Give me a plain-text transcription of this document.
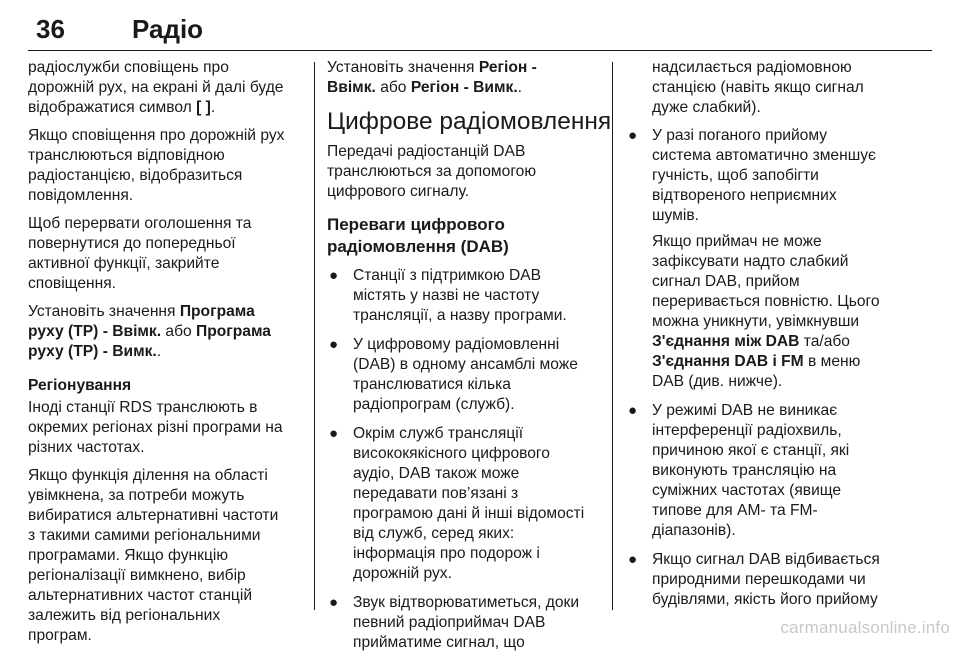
36	Радіо

радіослужби сповіщень про
дорожній рух, на екрані й далі буде
відображатися символ [ ].

Якщо сповіщення про дорожній рух
транслюються відповідною
радіостанцією, відобразиться
повідомлення.

Щоб перервати оголошення та
повернутися до попередньої
активної функції, закрийте
сповіщення.

Установіть значення Програма
руху (TP) - Ввімк. або Програма
руху (TP) - Вимк..

Регіонування

Іноді станції RDS транслюють в
окремих регіонах різні програми на
різних частотах.

Якщо функція ділення на області
увімкнена, за потреби можуть
вибиратися альтернативні частоти
з такими самими регіональними
програмами. Якщо функцію
регіоналізації вимкнено, вибір
альтернативних частот станцій
залежить від регіональних
програм.

Установіть значення Регіон -
Ввімк. або Регіон - Вимк..

Цифрове радіомовлення

Передачі радіостанцій DAB
транслюються за допомогою
цифрового сигналу.

Переваги цифрового
радіомовлення (DAB)
● Станції з підтримкою DAB
містять у назві не частоту
трансляції, а назву програми.
● У цифровому радіомовленні
(DAB) в одному ансамблі може
транслюватися кілька
радіопрограм (служб).
● Окрім служб трансляції
висококякісного цифрового
аудіо, DAB також може
передавати пов’язані з
програмою дані й інші відомості
від служб, серед яких:
інформація про подорож і
дорожній рух.
● Звук відтворюватиметься, доки
певний радіоприймач DAB
прийматиме сигнал, що

надсилається радіомовною
станцією (навіть якщо сигнал
дуже слабкий).

● У разі поганого прийому
система автоматично зменшує
гучність, щоб запобігти
відтвореного неприємних
шумів.

Якщо приймач не може
зафіксувати надто слабкий
сигнал DAB, прийом
переривається повністю. Цього
можна уникнути, увімкнувши
З'єднання між DAB та/або
З'єднання DAB і FM в меню
DAB (див. нижче).

● У режимі DAB не виникає
інтерференції радіохвиль,
причиною якої є станції, які
виконують трансляцію на
суміжних частотах (явище
типове для АМ- та FM-
діапазонів).
● Якщо сигнал DAB відбивається
природними перешкодами чи
будівлями, якість його прийому
carmanualsonline.info
